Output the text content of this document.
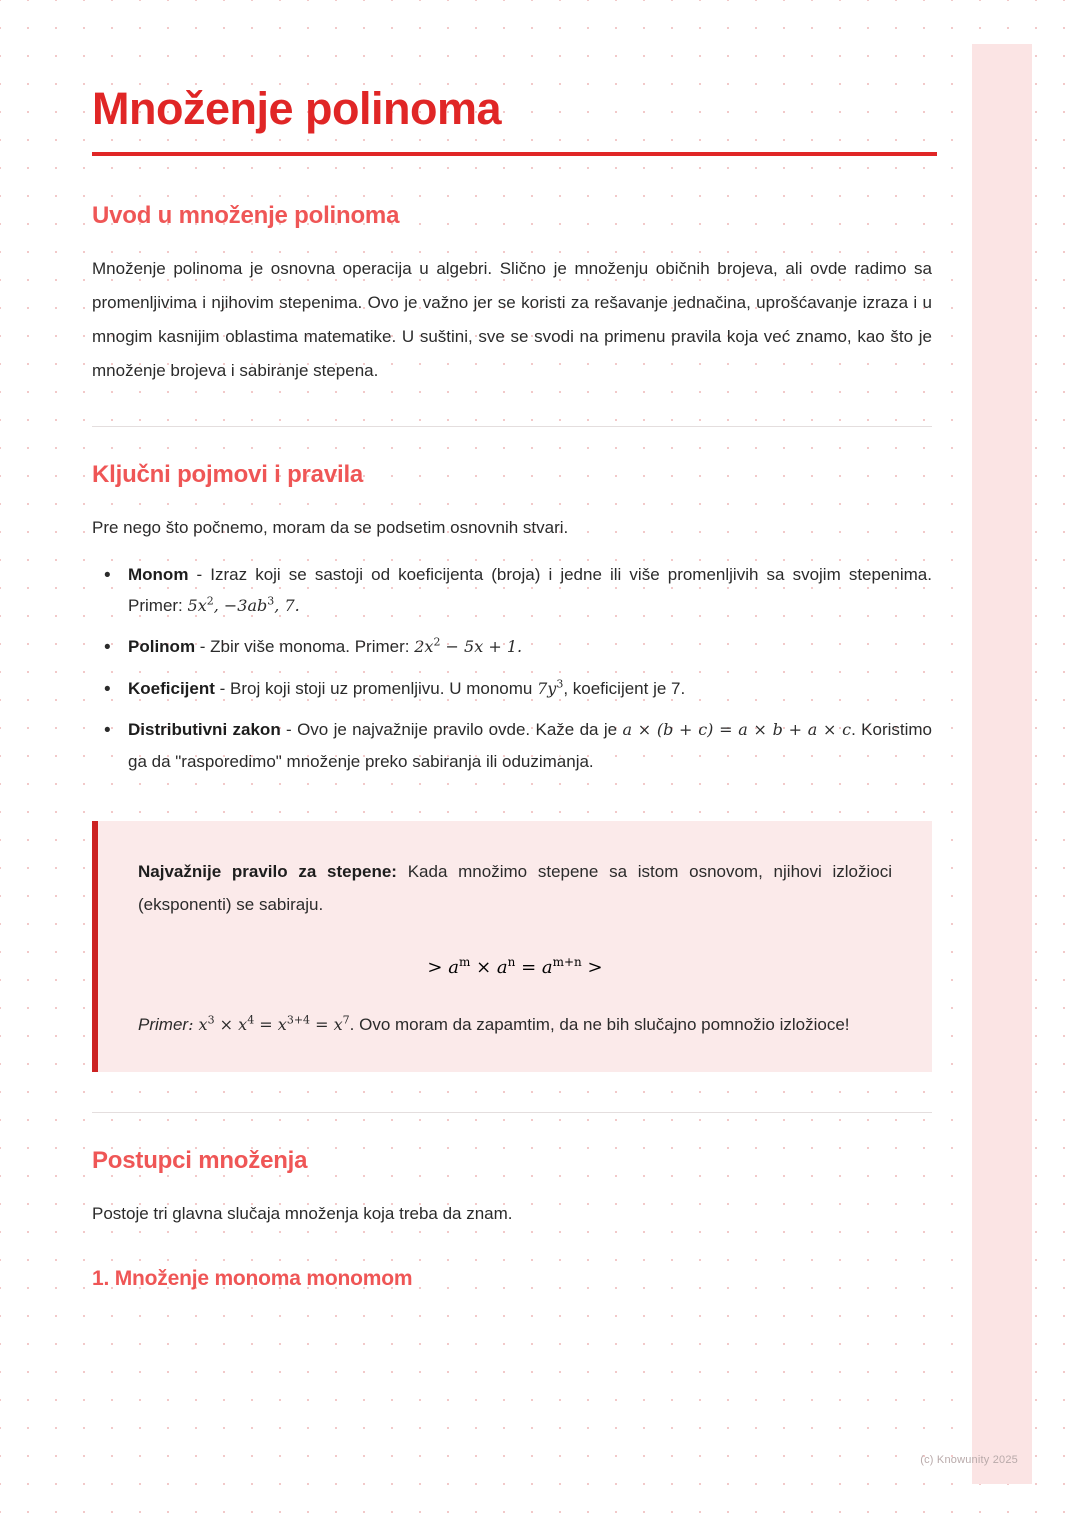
Množenje polinoma
Uvod u množenje polinoma

Množenje polinoma je osnovna operacija u algebri. Slično je množenju običnih brojeva, ali ovde radimo sa promenljivima i njihovim stepenima. Ovo je važno jer se koristi za rešavanje jednačina, uprošćavanje izraza i u mnogim kasnijim oblastima matematike. U suštini, sve se svodi na primenu pravila koja već znamo, kao što je množenje brojeva i sabiranje stepena.

Ključni pojmovi i pravila

Pre nego što počnemo, moram da se podsetim osnovnih stvari.

• Monom - Izraz koji se sastoji od koeficijenta (broja) i jedne ili više promenljivih sa svojim stepenima. Primer: $5x^2$, $-3ab^3$, 7.
• Polinom - Zbir više monoma. Primer: $2x^2 - 5x + 1$.
• Koeficijent - Broj koji stoji uz promenljivu. U monomu $7y^3$, koeficijent je 7.
• Distributivni zakon - Ovo je najvažnije pravilo ovde. Kaže da je a × (b + c) = a × b + a × c. Koristimo ga da "rasporedimo" množenje preko sabiranja ili oduzimanja.

Najvažnije pravilo za stepene: Kada množimo stepene sa istom osnovom, njihovi izložioci (eksponenti) se sabiraju.

> $a^m \times a^n = a^{m+n}$ >

Primer: $x^3 \times x^4 = x^{3+4} = x^7$. Ovo moram da zapamtim, da ne bih slučajno pomnožio izložioce!

Postupci množenja

Postoje tri glavna slučaja množenja koja treba da znam.

1. Množenje monoma monomom
(c) Knowunity 2025
